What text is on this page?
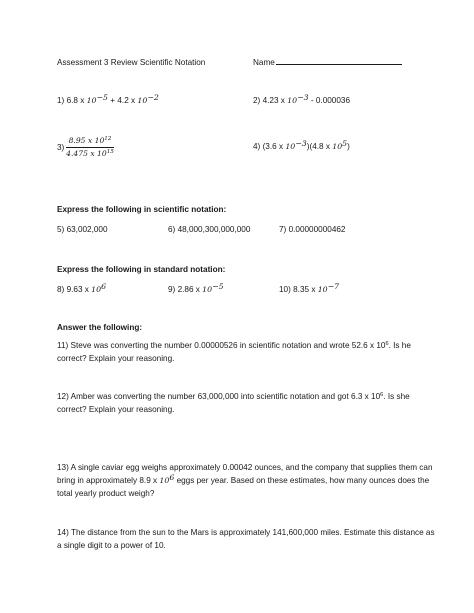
Assessment 3 Review Scientific Notation	Name
1) 6.8 x $10^{-5} + 4.2$ x $10^{-2}$	2) 4.23 x $10^{-3} - 0.000036$
$3) \frac{8.95 x 10^{12}}{4.475 x 10^{15}}$	4) (3.6 x $10^{-3})(4.8$ x $10^5$)
Express the following in scientific notation:
5) 63,002,000	6) 48,000,300,000,000	7) 0.00000000462
Express the following in standard notation:
8) 9.63 x $10^6$	9) 2.86 x $10^{-5}$	10) 8.35 x $10^{-7}$
Answer the following:
11) Steve was converting the number 0.00000526 in scientific notation and wrote 52.6 x $10^6$. Is he
correct? Explain your reasoning.
12) Amber was converting the number 63,000,000 into scientific notation and got 6.3 x $10^6$. Is she
correct? Explain your reasoning.
13) A single caviar egg weighs approximately 0.00042 ounces, and the company that supplies them can
bring in approximately 8.9 x $10^6$ eggs per year. Based on these estimates, how many ounces does the
total yearly product weigh?
14) The distance from the sun to the Mars is approximately 141,600,000 miles. Estimate this distance as
a single digit to a power of 10.
